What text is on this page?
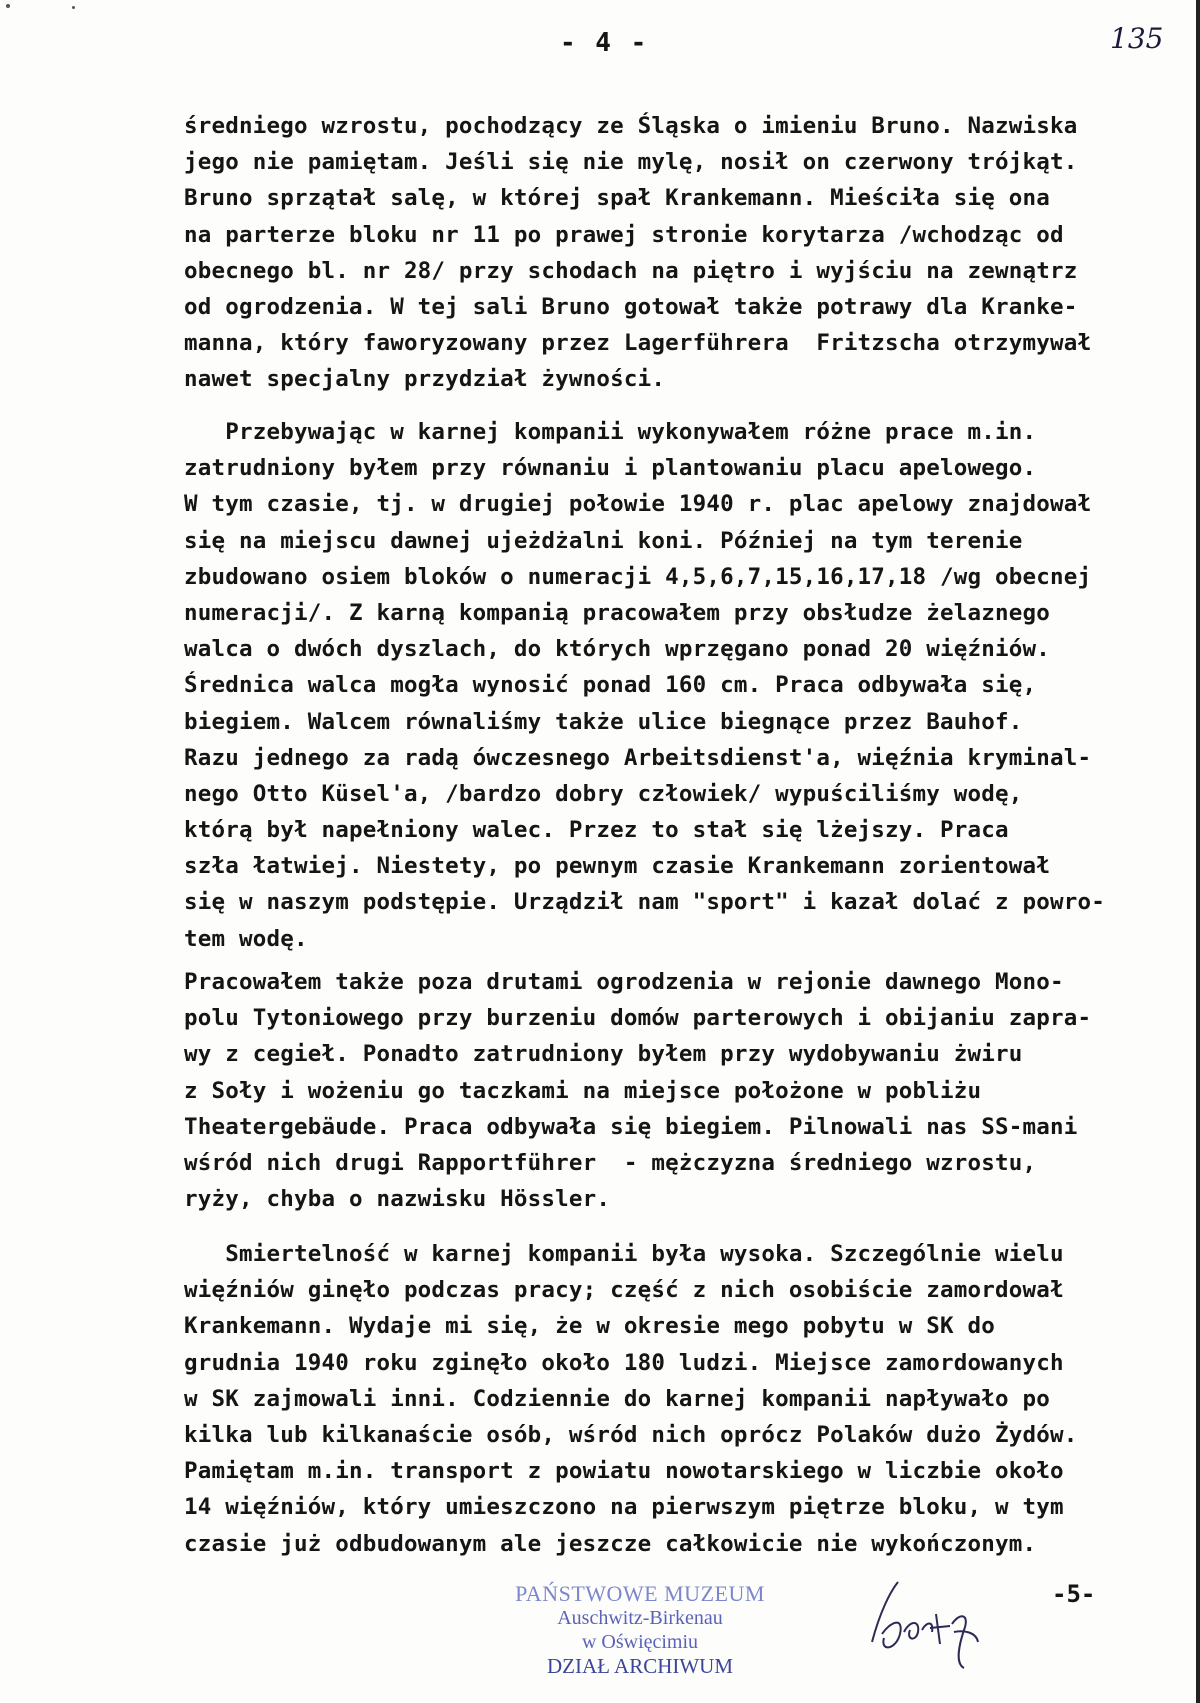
- 4 -	135
średniego wzrostu, pochodzący ze Śląska o imieniu Bruno. Nazwiska
jego nie pamiętam. Jeśli się nie mylę, nosił on czerwony trójkąt.
Bruno sprzątał salę, w której spał Krankemann. Mieściła się ona
na parterze bloku nr 11 po prawej stronie korytarza /wchodząc od
obecnego bl. nr 28/ przy schodach na piętro i wyjściu na zewnątrz
od ogrodzenia. W tej sali Bruno gotował także potrawy dla Kranke-
manna, który faworyzowany przez Lagerführera  Fritzscha otrzymywał
nawet specjalny przydział żywności.
Przebywając w karnej kompanii wykonywałem różne prace m.in.
zatrudniony byłem przy równaniu i plantowaniu placu apelowego.
W tym czasie, tj. w drugiej połowie 1940 r. plac apelowy znajdował
się na miejscu dawnej ujeżdżalni koni. Później na tym terenie
zbudowano osiem bloków o numeracji 4,5,6,7,15,16,17,18 /wg obecnej
numeracji/. Z karną kompanią pracowałem przy obsłudze żelaznego
walca o dwóch dyszlach, do których wprzęgano ponad 20 więźniów.
Średnica walca mogła wynosić ponad 160 cm. Praca odbywała się,
biegiem. Walcem równaliśmy także ulice biegnące przez Bauhof.
Razu jednego za radą ówczesnego Arbeitsdienst'a, więźnia kryminal-
nego Otto Küsel'a, /bardzo dobry człowiek/ wypuściliśmy wodę,
którą był napełniony walec. Przez to stał się lżejszy. Praca
szła łatwiej. Niestety, po pewnym czasie Krankemann zorientował
się w naszym podstępie. Urządził nam "sport" i kazał dolać z powro-
tem wodę.
Pracowałem także poza drutami ogrodzenia w rejonie dawnego Mono-
polu Tytoniowego przy burzeniu domów parterowych i obijaniu zapra-
wy z cegieł. Ponadto zatrudniony byłem przy wydobywaniu żwiru
z Soły i wożeniu go taczkami na miejsce położone w pobliżu
Theatergebäude. Praca odbywała się biegiem. Pilnowali nas SS-mani
wśród nich drugi Rapportführer  - mężczyzna średniego wzrostu,
ryży, chyba o nazwisku Hössler.
Smiertelność w karnej kompanii była wysoka. Szczególnie wielu
więźniów ginęło podczas pracy; część z nich osobiście zamordował
Krankemann. Wydaje mi się, że w okresie mego pobytu w SK do
grudnia 1940 roku zginęło około 180 ludzi. Miejsce zamordowanych
w SK zajmowali inni. Codziennie do karnej kompanii napływało po
kilka lub kilkanaście osób, wśród nich oprócz Polaków dużo Żydów.
Pamiętam m.in. transport z powiatu nowotarskiego w liczbie około
14 więźniów, który umieszczono na pierwszym piętrze bloku, w tym
czasie już odbudowanym ale jeszcze całkowicie nie wykończonym.
PAŃSTWOWE MUZEUM
Auschwitz-Birkenau
w Oświęcimiu
DZIAŁ ARCHIWUM
-5-
